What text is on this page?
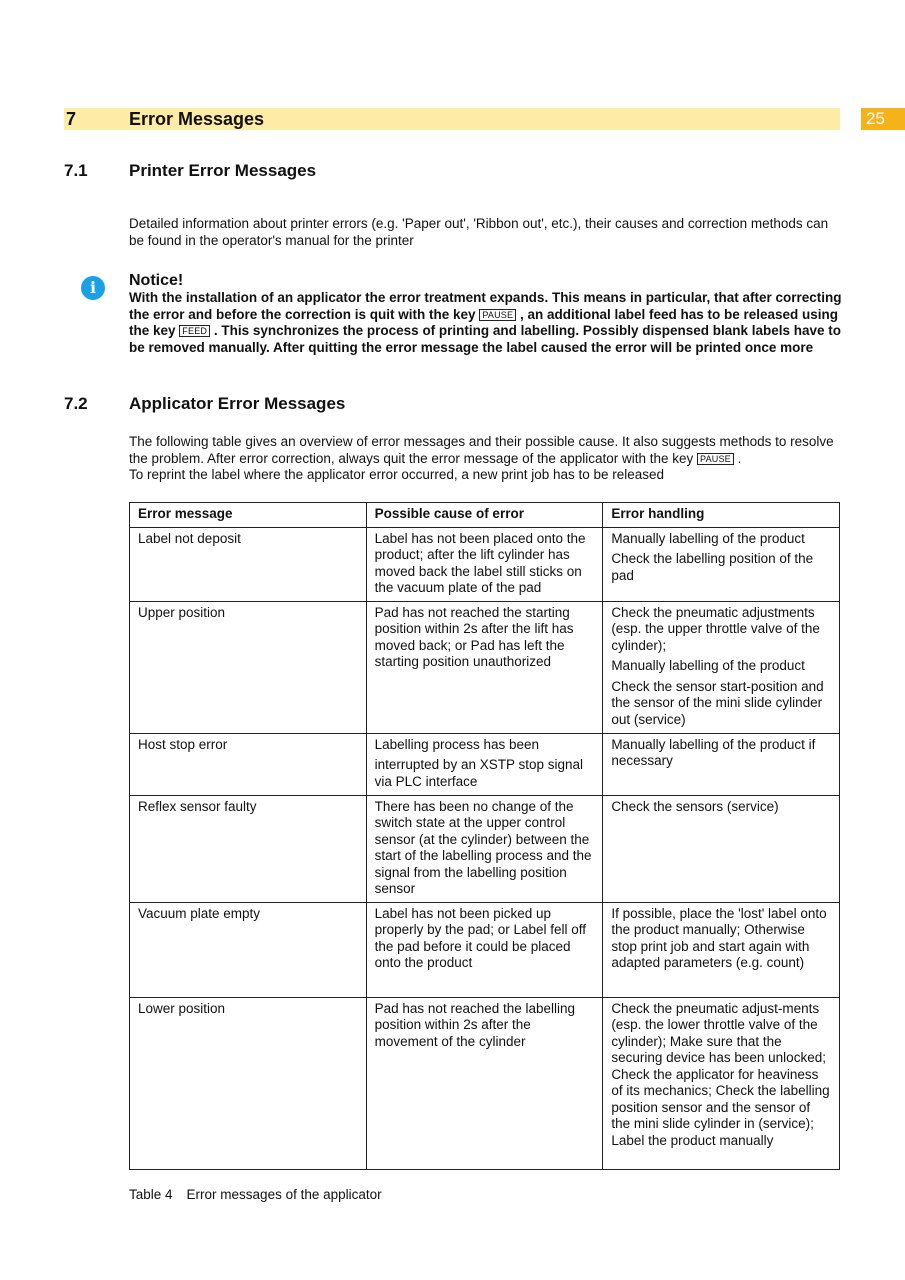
7	Error Messages	25
7.1 Printer Error Messages
Detailed information about printer errors (e.g. 'Paper out', 'Ribbon out', etc.), their causes and correction methods can be found in the operator's manual for the printer
i	Notice!
With the installation of an applicator the error treatment expands. This means in particular, that after correcting the error and before the correction is quit with the key PAUSE , an additional label feed has to be released using the key FEED . This synchronizes the process of printing and labelling. Possibly dispensed blank labels have to be removed manually. After quitting the error message the label caused the error will be printed once more
7.2 Applicator Error Messages
The following table gives an overview of error messages and their possible cause. It also suggests methods to resolve the problem. After error correction, always quit the error message of the applicator with the key PAUSE .
To reprint the label where the applicator error occurred, a new print job has to be released
Error message	Possible cause of error	Error handling
Label not deposit	Label has not been placed onto the product; after the lift cylinder has moved back the label still sticks on the vacuum plate of the pad	Manually labelling of the product

Check the labelling position of the pad

Upper position	Pad has not reached the starting position within 2s after the lift has moved back; or Pad has left the starting position unauthorized	Check the pneumatic adjustments (esp. the upper throttle valve of the cylinder);

Manually labelling of the product

Check the sensor start-position and the sensor of the mini slide cylinder out (service)

Host stop error	Labelling process has been

interrupted by an XSTP stop signal via PLC interface	Manually labelling of the product if necessary

Reflex sensor faulty	There has been no change of the switch state at the upper control sensor (at the cylinder) between the start of the labelling process and the signal from the labelling position sensor	Check the sensors (service)

Vacuum plate empty	Label has not been picked up properly by the pad; or Label fell off the pad before it could be placed onto the product	If possible, place the 'lost' label onto the product manually; Otherwise stop print job and start again with adapted parameters (e.g. count)

Lower position	Pad has not reached the labelling position within 2s after the movement of the cylinder	Check the pneumatic adjust-ments (esp. the lower throttle valve of the cylinder); Make sure that the securing device has been unlocked; Check the applicator for heaviness of its mechanics; Check the labelling position sensor and the sensor of the mini slide cylinder in (service); Label the product manually

Table 4 Error messages of the applicator
